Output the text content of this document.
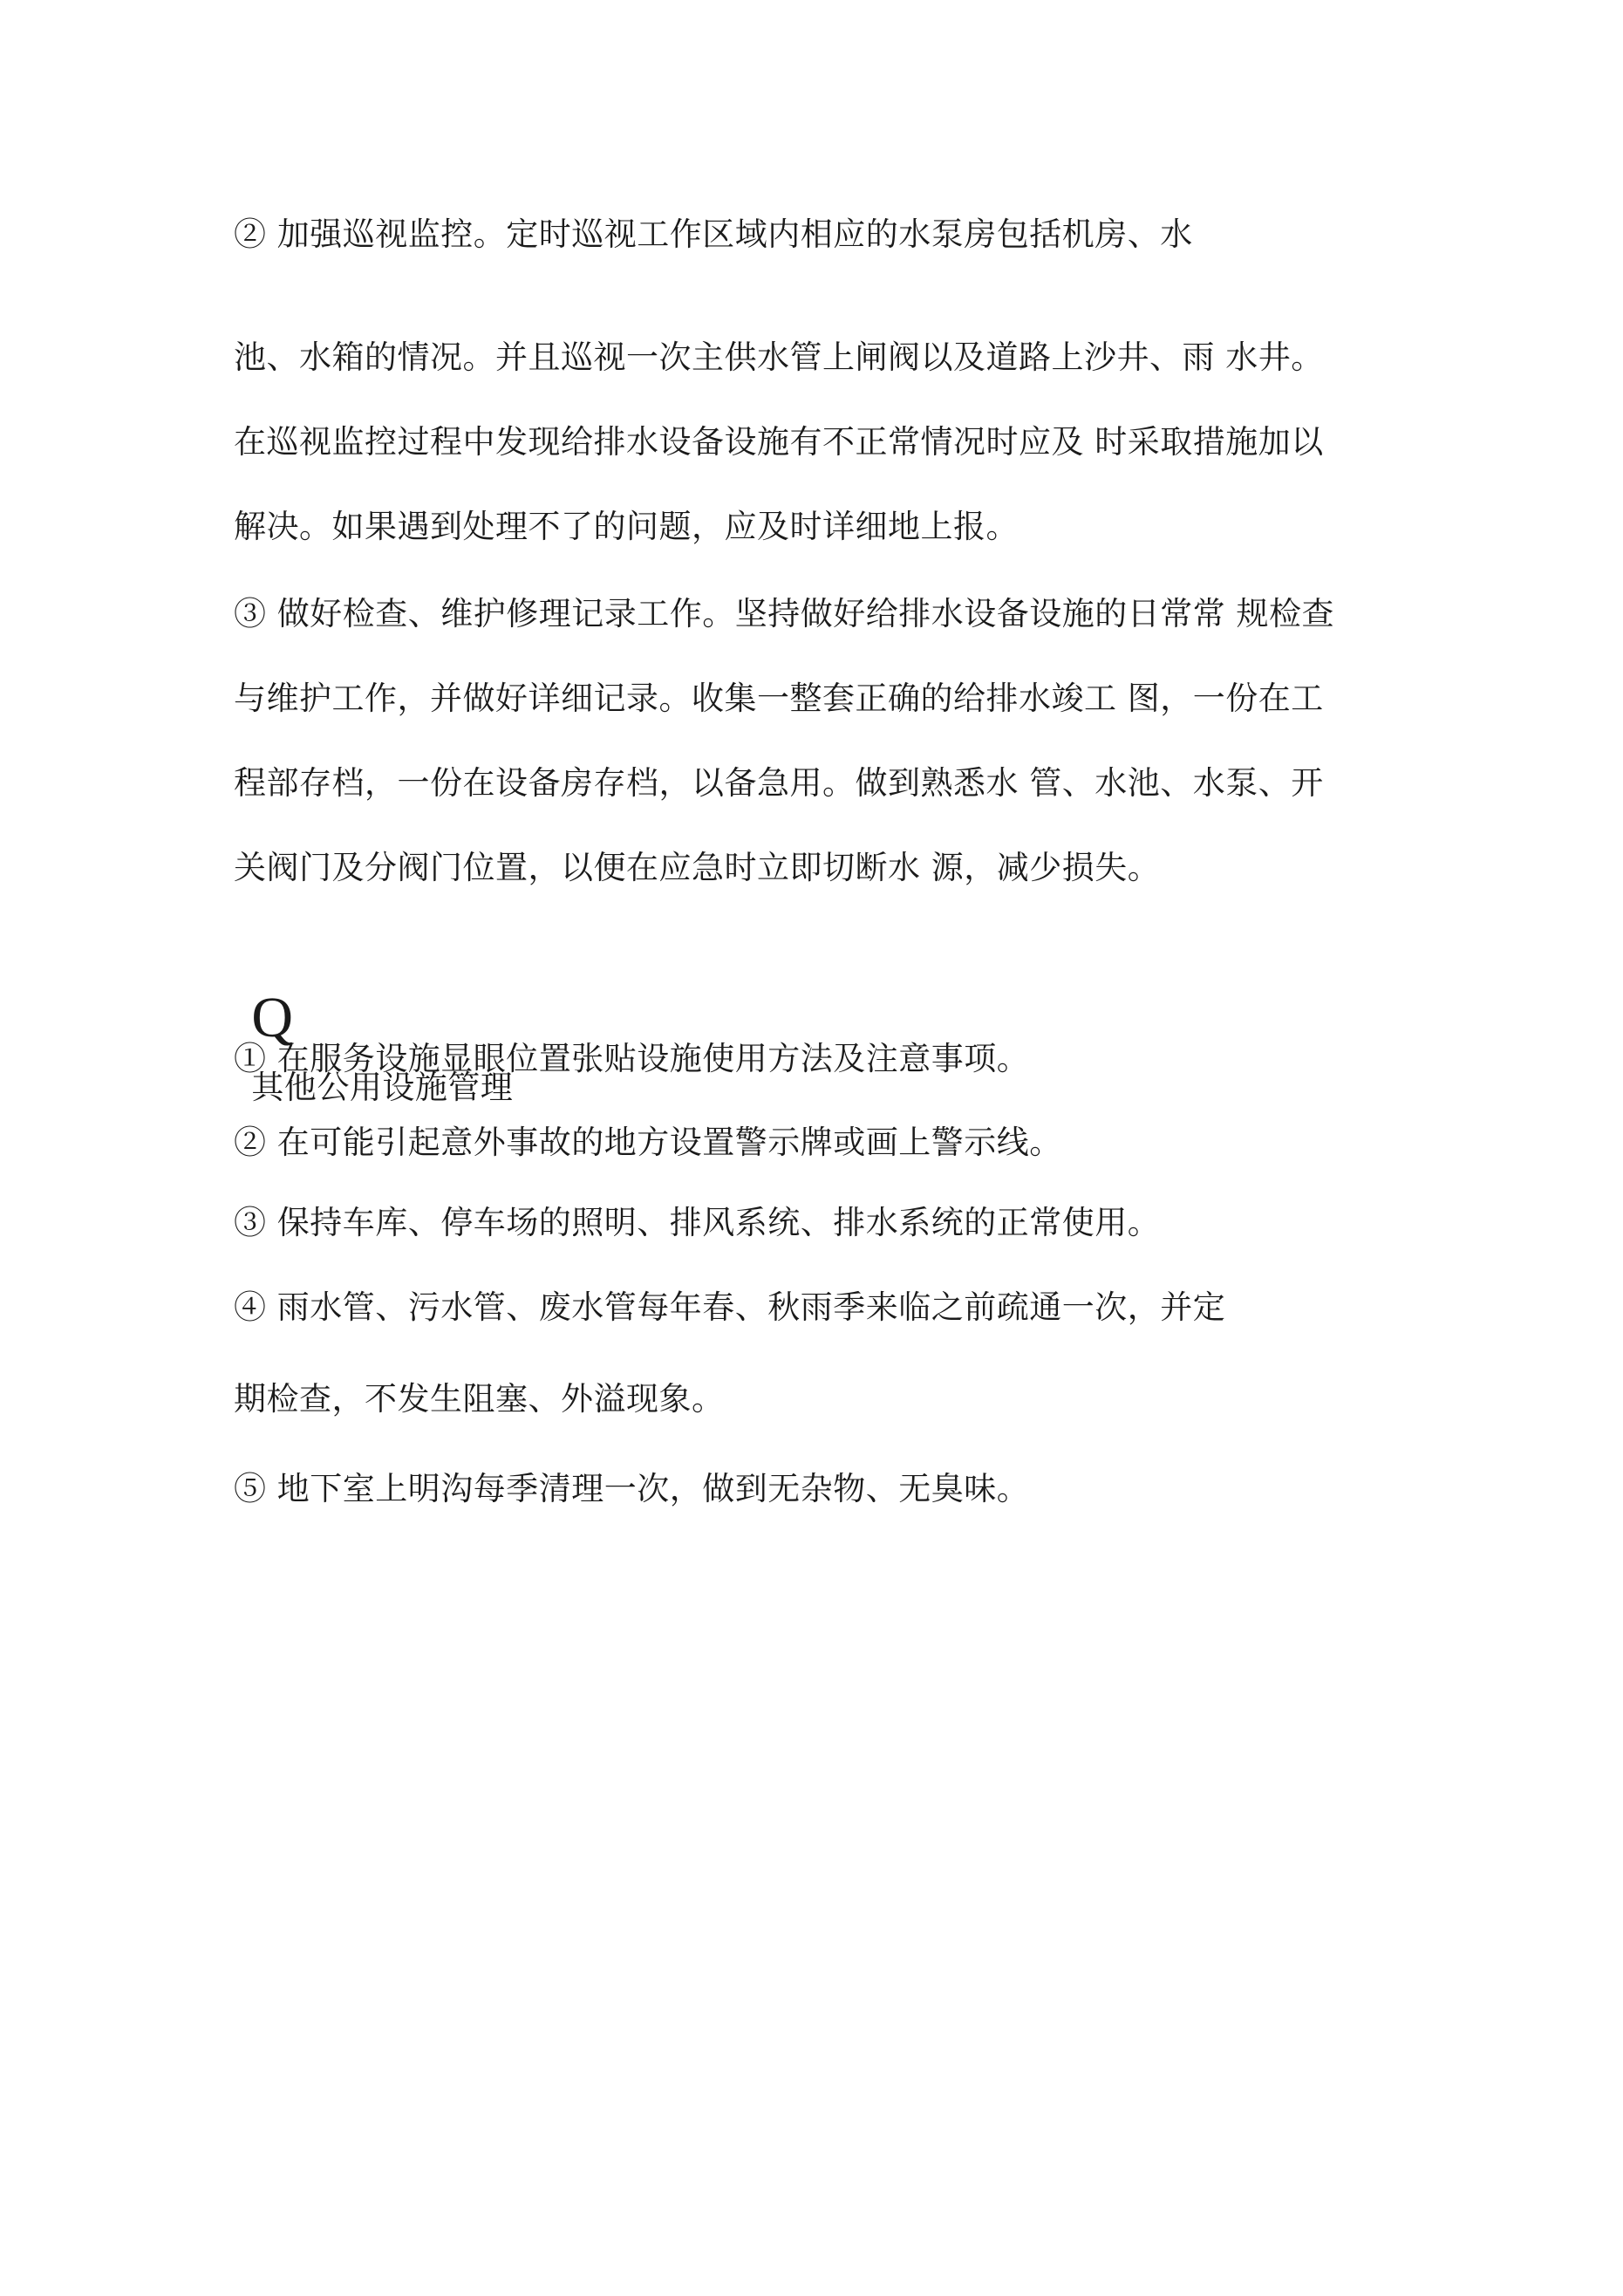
② 加强巡视监控。定时巡视工作区域内相应的水泵房包括机房、水
池、水箱的情况。并且巡视一次主供水管上闸阀以及道路上沙井、雨 水井。
在巡视监控过程中发现给排水设备设施有不正常情况时应及 时采取措施加以
解决。如果遇到处理不了的问题，应及时详细地上报。
③ 做好检查、维护修理记录工作。坚持做好给排水设备设施的日常常 规检查
与维护工作，并做好详细记录。收集一整套正确的给排水竣工 图，一份在工
程部存档，一份在设备房存档，以备急用。做到熟悉水 管、水池、水泵、开
关阀门及分阀门位置，以便在应急时立即切断水 源，减少损失。

Q
其他公用设施管理

① 在服务设施显眼位置张贴设施使用方法及注意事项。
② 在可能引起意外事故的地方设置警示牌或画上警示线。
③ 保持车库、停车场的照明、排风系统、排水系统的正常使用。
④ 雨水管、污水管、废水管每年春、秋雨季来临之前疏通一次，并定
期检查，不发生阻塞、外溢现象。
⑤ 地下室上明沟每季清理一次，做到无杂物、无臭味。
